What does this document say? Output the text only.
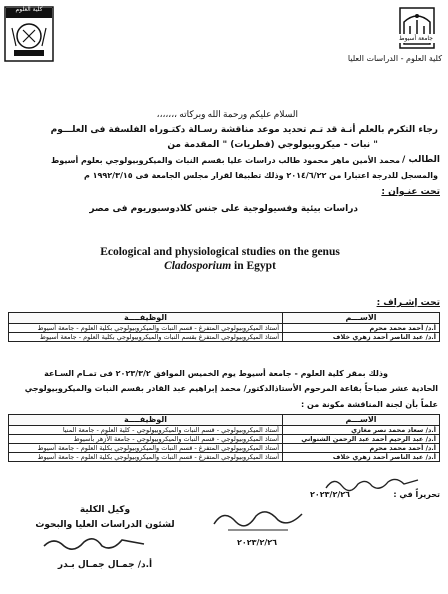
جامعة أسيوط
كلية العلوم - الدراسات العليا
كلية العلوم
السلام عليكم ورحمة الله وبركاته ،،،،،،،
رجاء التكرم بالعلم أنـة قد تـم تحديد موعد مناقشة رسـالة دكتـوراه الفلسفة فى العلـــوم
" نبات - ميكروبيولوجي (فطريات) " المقدمة من
الطالب /
محمد الأمين ماهر محمود طالب دراسات عليا بقسم النبات والميكروبيولوجي بعلوم أسيوط
والمسجل للدرجة اعتبارا من ٢٠١٤/٦/٢٢ وذلك تطبيقا لقرار مجلس الجامعة فى ١٩٩٢/٣/١٥ م
تحت عنـوان :
دراسات بيئية وفسيولوجية على جنس كلادوسبوريوم فى مصر
Ecological and physiological studies on the genus
Cladosporium in Egypt
تحت إشـراف :
الاســـم	الوظيفــــة
أ.د/ أحمد محمد محرم	أستاذ الميكروبيولوجي المتفرغ - قسم النبات والميكروبيولوجي بكلية العلوم - جامعة أسيوط
أ.د/ عبد الناصر أحمد زهري خلاف	أستاذ الميكروبيولوجي المتفرغ بقسم النبات والميكروبيولوجي بكلية العلوم - جامعة أسيوط
وذلك بمقر كلية العلوم - جامعة أسيوط يوم الخميس الموافق ٢٠٢٣/٣/٢ فى تمـام السـاعة
الحادية عشر صباحاً بقاعة المرحوم الأستاذالدكتور/ محمد إبراهيم عبد القادر بقسم النبات والميكروبيولوجي
علماً بأن لجنة المناقشة مكونة من :
الاســـم	الوظيفــــة
أ.د/ سعاد محمد نصر مغازي	أستاذ الميكروبيولوجي - قسم النبات والميكروبيولوجي - كلية العلوم - جامعة المنيا
أ.د/ عبد الرحيم أحمد عبد الرحمن الشنواني	أستاذ الميكروبيولوجي - قسم النبات والميكروبيولوجي - جامعة الأزهر بأسيوط
أ.د/ أحمد محمد محرم	أستاذ الميكروبيولوجي المتفرغ - قسم النبات والميكروبيولوجي بكلية العلوم - جامعة أسيوط
أ.د/ عبد الناصر أحمد زهري خلاف	أستاذ الميكروبيولوجي المتفرغ - قسم النبات والميكروبيولوجي بكلية العلوم - جامعة أسيوط
تحريراً في :
٢٠٢٣/٢/٢٦
وكيل الكلية
لشئون الدراسات العليا والبحوث
أ.د/ جمـال جمـال بـدر
٢٠٢٣/٢/٢٦
